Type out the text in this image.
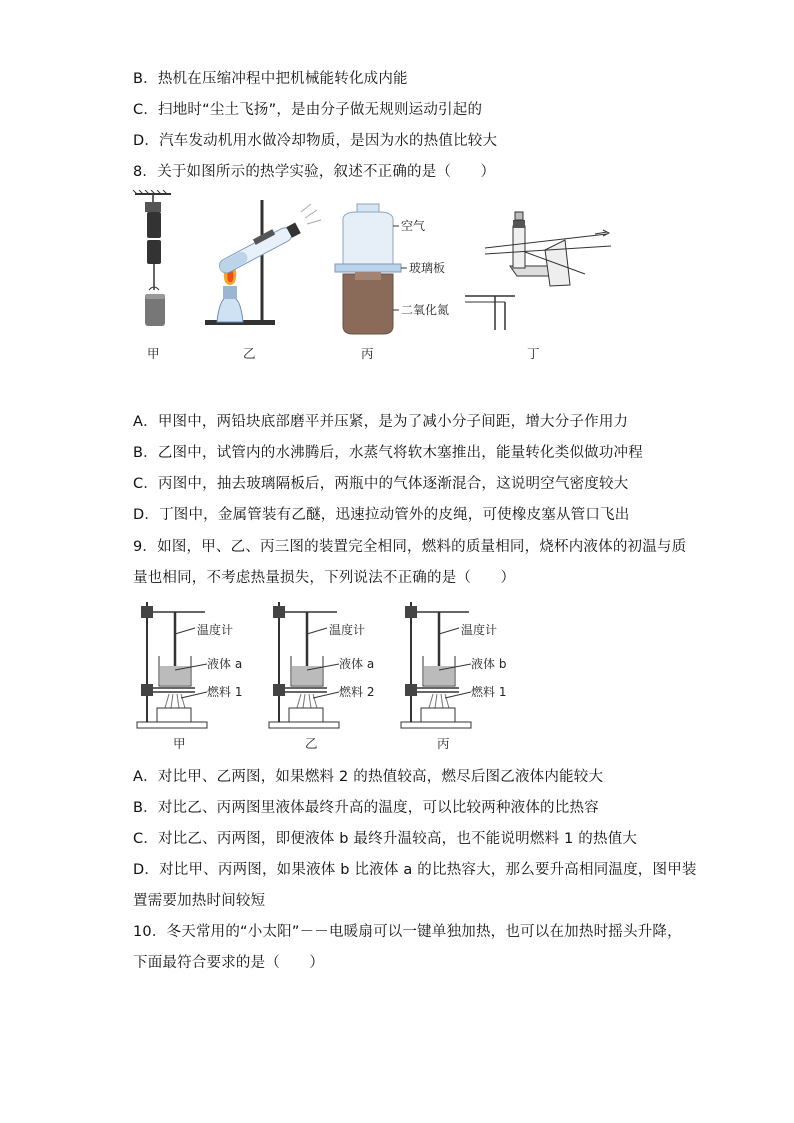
B．热机在压缩冲程中把机械能转化成内能
C．扫地时“尘土飞扬”，是由分子做无规则运动引起的
D．汽车发动机用水做冷却物质，是因为水的热值比较大
8．关于如图所示的热学实验，叙述不正确的是（　　）
甲	乙
空气
玻璃板
二氧化氮
丙	丁
A．甲图中，两铅块底部磨平并压紧，是为了减小分子间距，增大分子作用力
B．乙图中，试管内的水沸腾后，水蒸气将软木塞推出，能量转化类似做功冲程
C．丙图中，抽去玻璃隔板后，两瓶中的气体逐渐混合，这说明空气密度较大
D．丁图中，金属管装有乙醚，迅速拉动管外的皮绳，可使橡皮塞从管口飞出
9．如图，甲、乙、丙三图的装置完全相同，燃料的质量相同，烧杯内液体的初温与质
量也相同，不考虑热量损失，下列说法不正确的是（　　）
温度计
液体 a
燃料 1
甲
温度计
液体 a
燃料 2
乙
温度计
液体 b
燃料 1
丙
A．对比甲、乙两图，如果燃料 2 的热值较高，燃尽后图乙液体内能较大
B．对比乙、丙两图里液体最终升高的温度，可以比较两种液体的比热容
C．对比乙、丙两图，即便液体 b 最终升温较高，也不能说明燃料 1 的热值大
D．对比甲、丙两图，如果液体 b 比液体 a 的比热容大，那么要升高相同温度，图甲装
置需要加热时间较短
10．冬天常用的“小太阳”－－电暖扇可以一键单独加热，也可以在加热时摇头升降，
下面最符合要求的是（　　）
